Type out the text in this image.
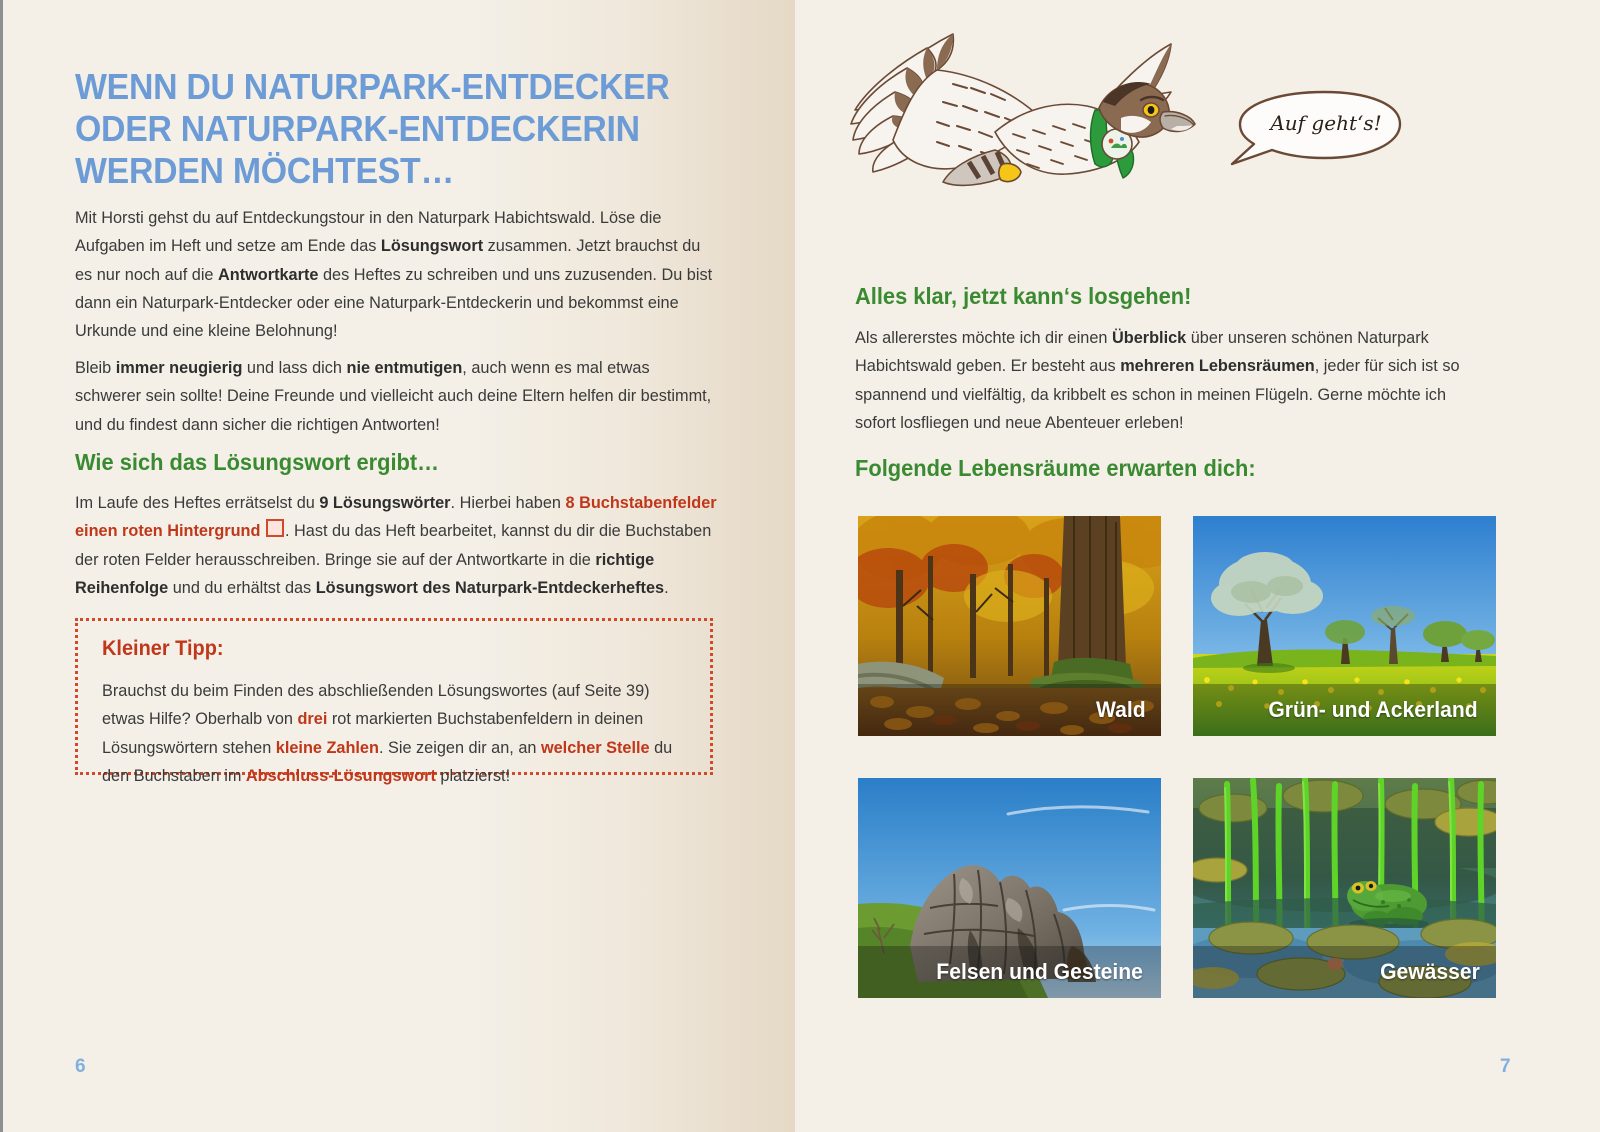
WENN DU NATURPARK-ENTDECKER ODER NATURPARK-ENTDECKERIN WERDEN MÖCHTEST…
Mit Horsti gehst du auf Entdeckungstour in den Naturpark Habichtswald. Löse die Aufgaben im Heft und setze am Ende das Lösungswort zusammen. Jetzt brauchst du es nur noch auf die Antwortkarte des Heftes zu schreiben und uns zuzusenden. Du bist dann ein Naturpark-Entdecker oder eine Naturpark-Entdeckerin und bekommst eine Urkunde und eine kleine Belohnung!
Bleib immer neugierig und lass dich nie entmutigen, auch wenn es mal etwas schwerer sein sollte! Deine Freunde und vielleicht auch deine Eltern helfen dir bestimmt, und du findest dann sicher die richtigen Antworten!
Wie sich das Lösungswort ergibt…
Im Laufe des Heftes errätselst du 9 Lösungswörter. Hierbei haben 8 Buchstabenfelder einen roten Hintergrund . Hast du das Heft bearbeitet, kannst du dir die Buchstaben der roten Felder herausschreiben. Bringe sie auf der Antwortkarte in die richtige Reihenfolge und du erhältst das Lösungswort des Naturpark-Entdeckerheftes.
Kleiner Tipp:
Brauchst du beim Finden des abschließenden Lösungswortes (auf Seite 39) etwas Hilfe? Oberhalb von drei rot markierten Buchstabenfeldern in deinen Lösungswörtern stehen kleine Zahlen. Sie zeigen dir an, an welcher Stelle du den Buchstaben im Abschluss-Lösungswort platzierst!
6
Auf geht‘s!
Alles klar, jetzt kann‘s losgehen!
Als allererstes möchte ich dir einen Überblick über unseren schönen Naturpark Habichtswald geben. Er besteht aus mehreren Lebensräumen, jeder für sich ist so spannend und vielfältig, da kribbelt es schon in meinen Flügeln. Gerne möchte ich sofort losfliegen und neue Abenteuer erleben!
Folgende Lebensräume erwarten dich:
Wald	Grün- und Ackerland
Felsen und Gesteine	Gewässer
7
